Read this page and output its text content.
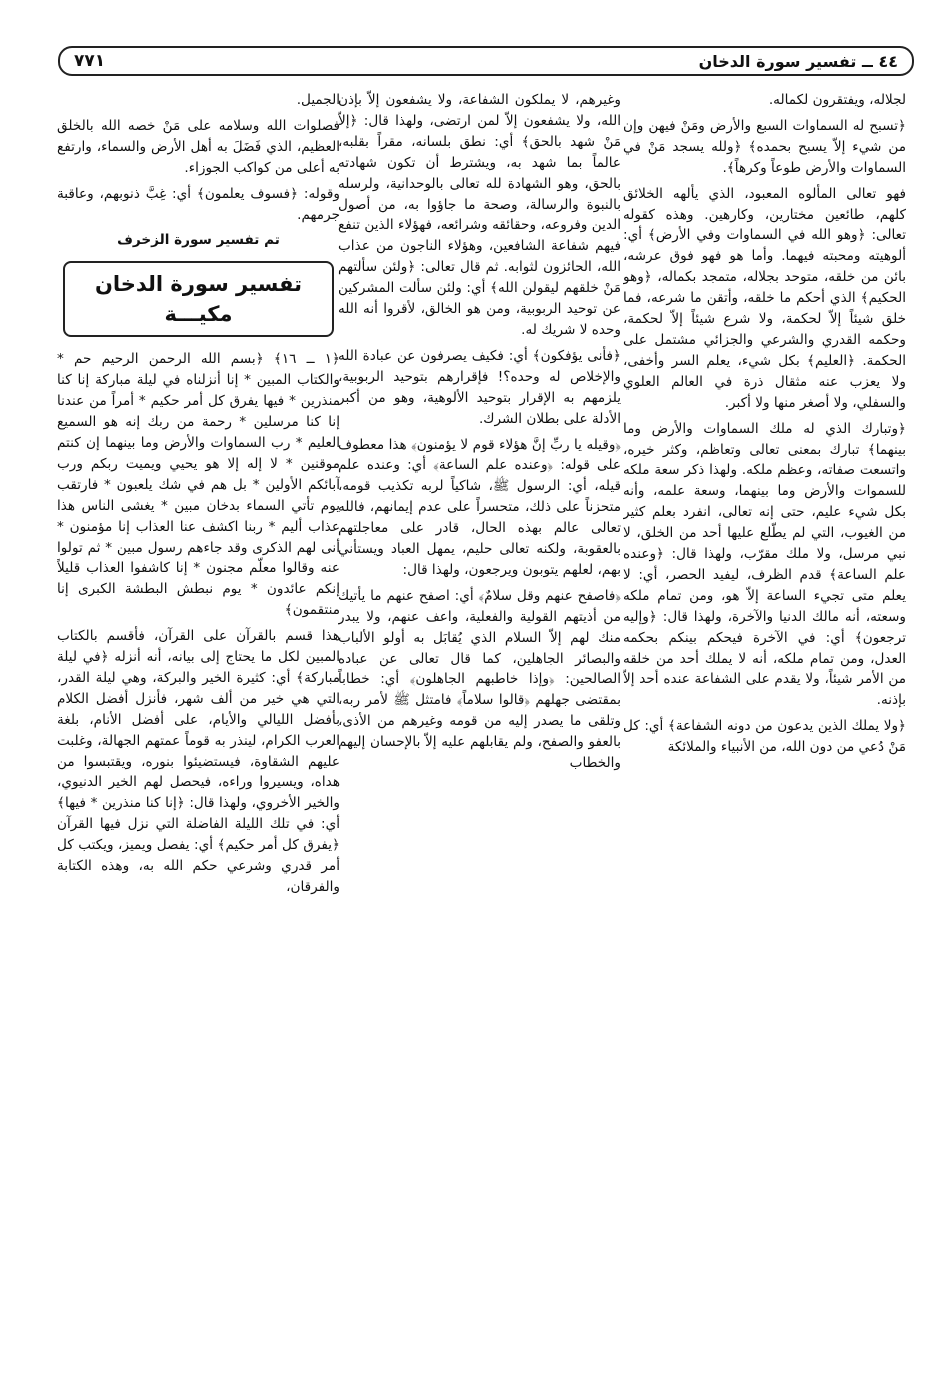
٤٤ ــ تفسير سورة الدخان
٧٧١

لجلاله، ويفتقرون لكماله.

﴿تسبح له السماوات السبع والأرض ومَنْ فيهن وإن من شيء إلاّ يسبح بحمده﴾ ﴿ولله يسجد مَنْ في السماوات والأرض طوعاً وكرهاً﴾.

فهو تعالى المألوه المعبود، الذي يألهه الخلائق كلهم، طائعين مختارين، وكارهين. وهذه كقوله تعالى: ﴿وهو الله في السماوات وفي الأرض﴾ أي: ألوهيته ومحبته فيهما. وأما هو فهو فوق عرشه، بائن من خلقه، متوحد بجلاله، متمجد بكماله، ﴿وهو الحكيم﴾ الذي أحكم ما خلقه، وأتقن ما شرعه، فما خلق شيئاً إلاّ لحكمة، ولا شرع شيئاً إلاّ لحكمة، وحكمه القدري والشرعي والجزائي مشتمل على الحكمة. ﴿العليم﴾ بكل شيء، يعلم السر وأخفى، ولا يعزب عنه مثقال ذرة في العالم العلوي والسفلي، ولا أصغر منها ولا أكبر.

﴿وتبارك الذي له ملك السماوات والأرض وما بينهما﴾ تبارك بمعنى تعالى وتعاظم، وكثر خيره، واتسعت صفاته، وعظم ملكه. ولهذا ذكر سعة ملكه للسموات والأرض وما بينهما، وسعة علمه، وأنه بكل شيء عليم، حتى إنه تعالى، انفرد بعلم كثير من الغيوب، التي لم يطّلع عليها أحد من الخلق، لا نبي مرسل، ولا ملك مقرّب، ولهذا قال: ﴿وعنده علم الساعة﴾ قدم الظرف، ليفيد الحصر، أي: لا يعلم متى تجيء الساعة إلاّ هو، ومن تمام ملكه وسعته، أنه مالك الدنيا والآخرة، ولهذا قال: ﴿وإليه ترجعون﴾ أي: في الآخرة فيحكم بينكم بحكمه العدل، ومن تمام ملكه، أنه لا يملك أحد من خلقه من الأمر شيئاً، ولا يقدم على الشفاعة عنده أحد إلاّ بإذنه.

﴿ولا يملك الذين يدعون من دونه الشفاعة﴾ أي: كل مَنْ دُعي من دون الله، من الأنبياء والملائكة

وغيرهم، لا يملكون الشفاعة، ولا يشفعون إلاّ بإذن الله، ولا يشفعون إلاّ لمن ارتضى، ولهذا قال: ﴿إلاّ مَنْ شهد بالحق﴾ أي: نطق بلسانه، مقراً بقلبه، عالماً بما شهد به، ويشترط أن تكون شهادته بالحق، وهو الشهادة لله تعالى بالوحدانية، ولرسله بالنبوة والرسالة، وصحة ما جاؤوا به، من أصول الدين وفروعه، وحقائقه وشرائعه، فهؤلاء الذين تنفع فيهم شفاعة الشافعين، وهؤلاء الناجون من عذاب الله، الحائزون لثوابه. ثم قال تعالى: ﴿ولئن سألتهم مَنْ خلقهم ليقولن الله﴾ أي: ولئن سألت المشركين عن توحيد الربوبية، ومن هو الخالق، لأقروا أنه الله وحده لا شريك له.

﴿فأنى يؤفكون﴾ أي: فكيف يصرفون عن عبادة الله والإخلاص له وحده؟! فإقرارهم بتوحيد الربوبية، يلزمهم به الإقرار بتوحيد الألوهية، وهو من أكبر الأدلة على بطلان الشرك.

﴿وقيله يا ربِّ إنَّ هؤلاء قوم لا يؤمنون﴾ هذا معطوف على قوله: ﴿وعنده علم الساعة﴾ أي: وعنده علم قيله، أي: الرسول ﷺ، شاكياً لربه تكذيب قومه، متحزناً على ذلك، متحسراً على عدم إيمانهم، فالله تعالى عالم بهذه الحال، قادر على معاجلتهم بالعقوبة، ولكنه تعالى حليم، يمهل العباد ويستأني بهم، لعلهم يتوبون ويرجعون، ولهذا قال:

﴿فاصفح عنهم وقل سلامٌ﴾ أي: اصفح عنهم ما يأتيك من أذيتهم القولية والفعلية، واعف عنهم، ولا يبدر منك لهم إلاّ السلام الذي يُقابَل به أولو الألباب والبصائر الجاهلين، كما قال تعالى عن عباده الصالحين: ﴿وإذا خاطبهم الجاهلون﴾ أي: خطاباً بمقتضى جهلهم ﴿قالوا سلاماً﴾ فامتثل ﷺ لأمر ربه، وتلقى ما يصدر إليه من قومه وغيرهم من الأذى، بالعفو والصفح، ولم يقابلهم عليه إلاّ بالإحسان إليهم والخطاب

الجميل.

فصلوات الله وسلامه على مَنْ خصه الله بالخلق العظيم، الذي فَضَلَ به أهل الأرض والسماء، وارتفع به أعلى من كواكب الجوزاء.

وقوله: ﴿فسوف يعلمون﴾ أي: غِبَّ ذنوبهم، وعاقبة جرمهم.

تم تفسير سورة الزخرف

تفسير سورة الدخان
مكيـــة

﴿١ ــ ١٦﴾ ﴿بسم الله الرحمن الرحيم حم * والكتاب المبين * إنا أنزلناه في ليلة مباركة إنا كنا منذرين * فيها يفرق كل أمر حكيم * أمراً من عندنا إنا كنا مرسلين * رحمة من ربك إنه هو السميع العليم * رب السماوات والأرض وما بينهما إن كنتم موقنين * لا إله إلا هو يحيي ويميت ربكم ورب آبائكم الأولين * بل هم في شك يلعبون * فارتقب يوم تأتي السماء بدخان مبين * يغشى الناس هذا عذاب أليم * ربنا اكشف عنا العذاب إنا مؤمنون * أنى لهم الذكرى وقد جاءهم رسول مبين * ثم تولوا عنه وقالوا معلّم مجنون * إنا كاشفوا العذاب قليلاً إنكم عائدون * يوم نبطش البطشة الكبرى إنا منتقمون﴾

هذا قسم بالقرآن على القرآن، فأقسم بالكتاب المبين لكل ما يحتاج إلى بيانه، أنه أنزله ﴿في ليلة مباركة﴾ أي: كثيرة الخير والبركة، وهي ليلة القدر، التي هي خير من ألف شهر، فأنزل أفضل الكلام بأفضل الليالي والأيام، على أفضل الأنام، بلغة العرب الكرام، لينذر به قوماً عمتهم الجهالة، وغلبت عليهم الشقاوة، فيستضيئوا بنوره، ويقتبسوا من هداه، ويسيروا وراءه، فيحصل لهم الخير الدنيوي، والخير الأخروي، ولهذا قال: ﴿إنا كنا منذرين * فيها﴾ أي: في تلك الليلة الفاضلة التي نزل فيها القرآن ﴿يفرق كل أمر حكيم﴾ أي: يفصل ويميز، ويكتب كل أمر قدري وشرعي حكم الله به، وهذه الكتابة والفرقان،
